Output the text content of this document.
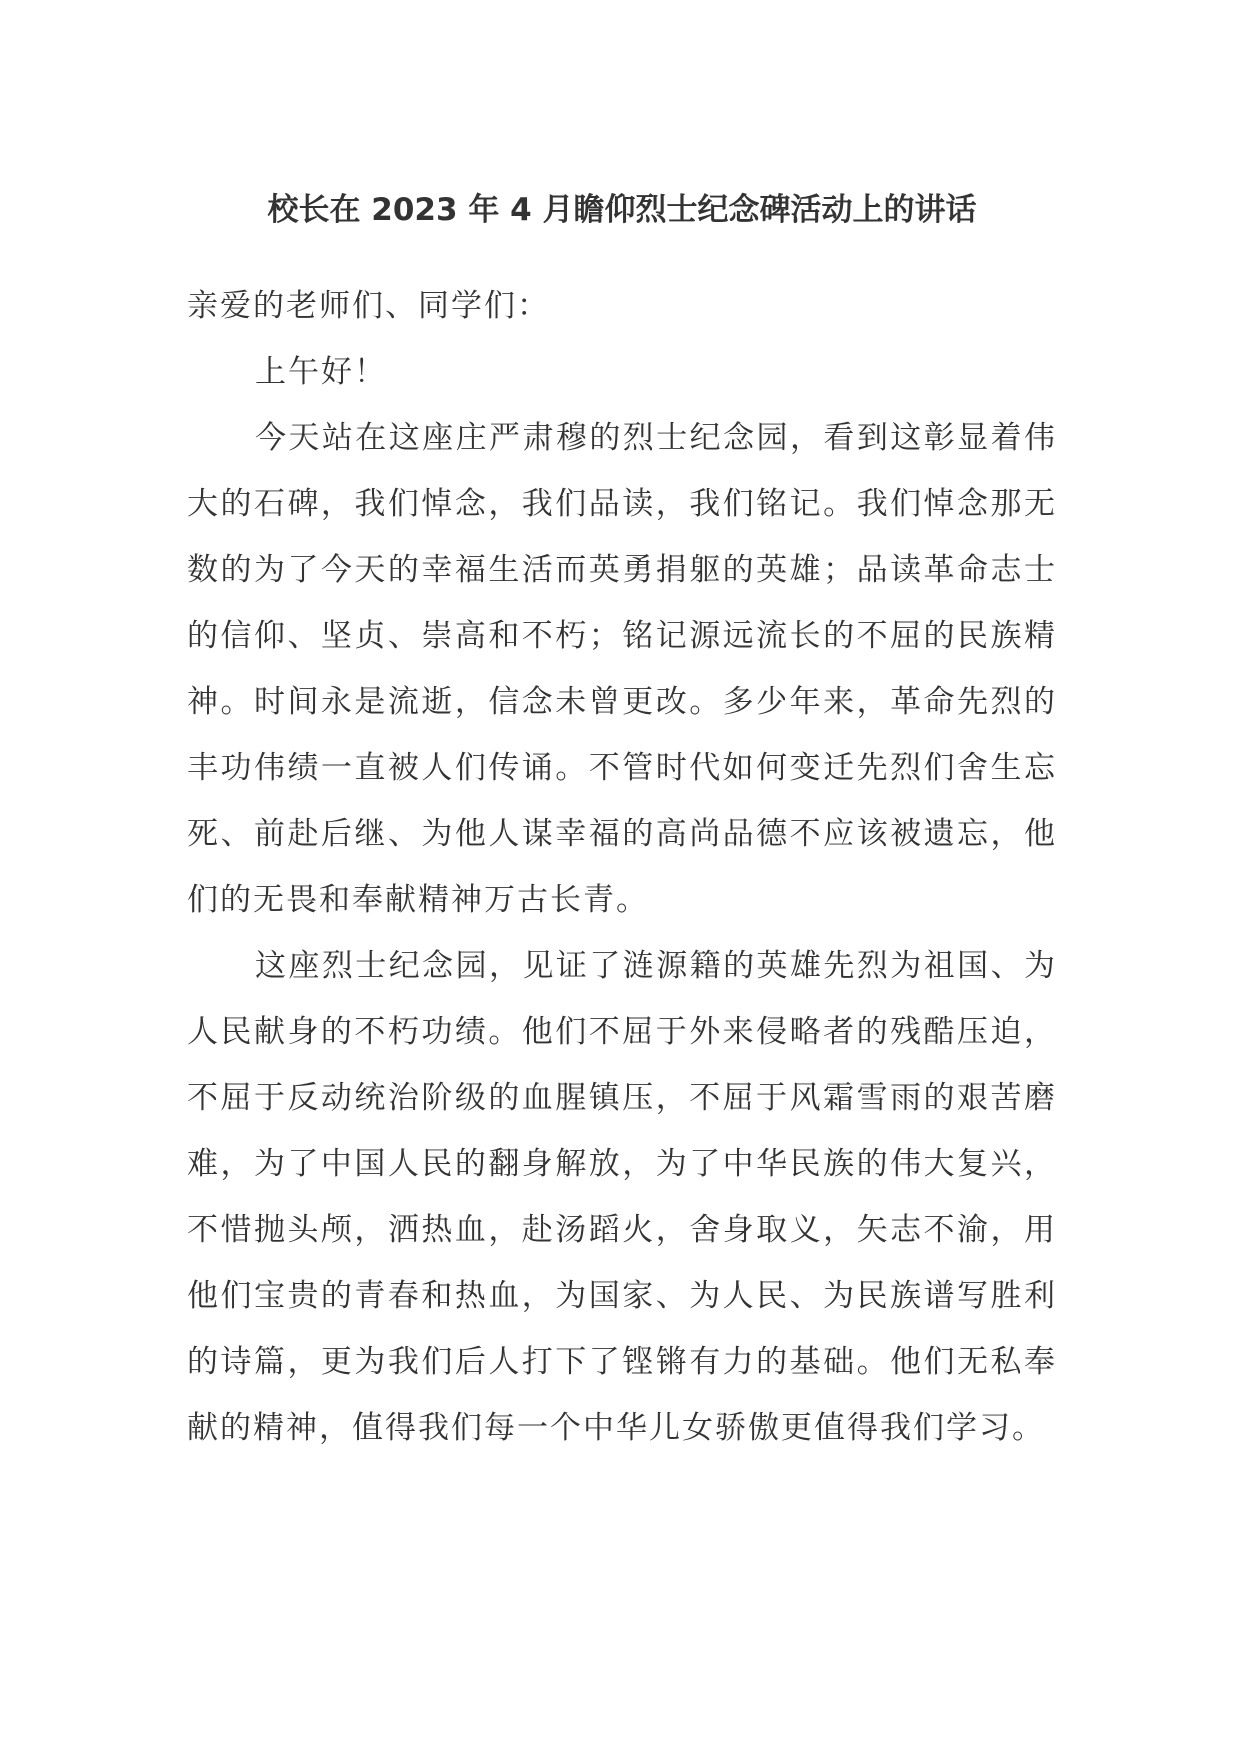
校长在 2023 年 4 月瞻仰烈士纪念碑活动上的讲话

亲爱的老师们、同学们：

上午好！

今天站在这座庄严肃穆的烈士纪念园，看到这彰显着伟大的石碑，我们悼念，我们品读，我们铭记。我们悼念那无数的为了今天的幸福生活而英勇捐躯的英雄；品读革命志士的信仰、坚贞、崇高和不朽；铭记源远流长的不屈的民族精神。时间永是流逝，信念未曾更改。多少年来，革命先烈的丰功伟绩一直被人们传诵。不管时代如何变迁先烈们舍生忘死、前赴后继、为他人谋幸福的高尚品德不应该被遗忘，他们的无畏和奉献精神万古长青。

这座烈士纪念园，见证了涟源籍的英雄先烈为祖国、为人民献身的不朽功绩。他们不屈于外来侵略者的残酷压迫，不屈于反动统治阶级的血腥镇压，不屈于风霜雪雨的艰苦磨难，为了中国人民的翻身解放，为了中华民族的伟大复兴，不惜抛头颅，洒热血，赴汤蹈火，舍身取义，矢志不渝，用他们宝贵的青春和热血，为国家、为人民、为民族谱写胜利的诗篇，更为我们后人打下了铿锵有力的基础。他们无私奉献的精神，值得我们每一个中华儿女骄傲更值得我们学习。
